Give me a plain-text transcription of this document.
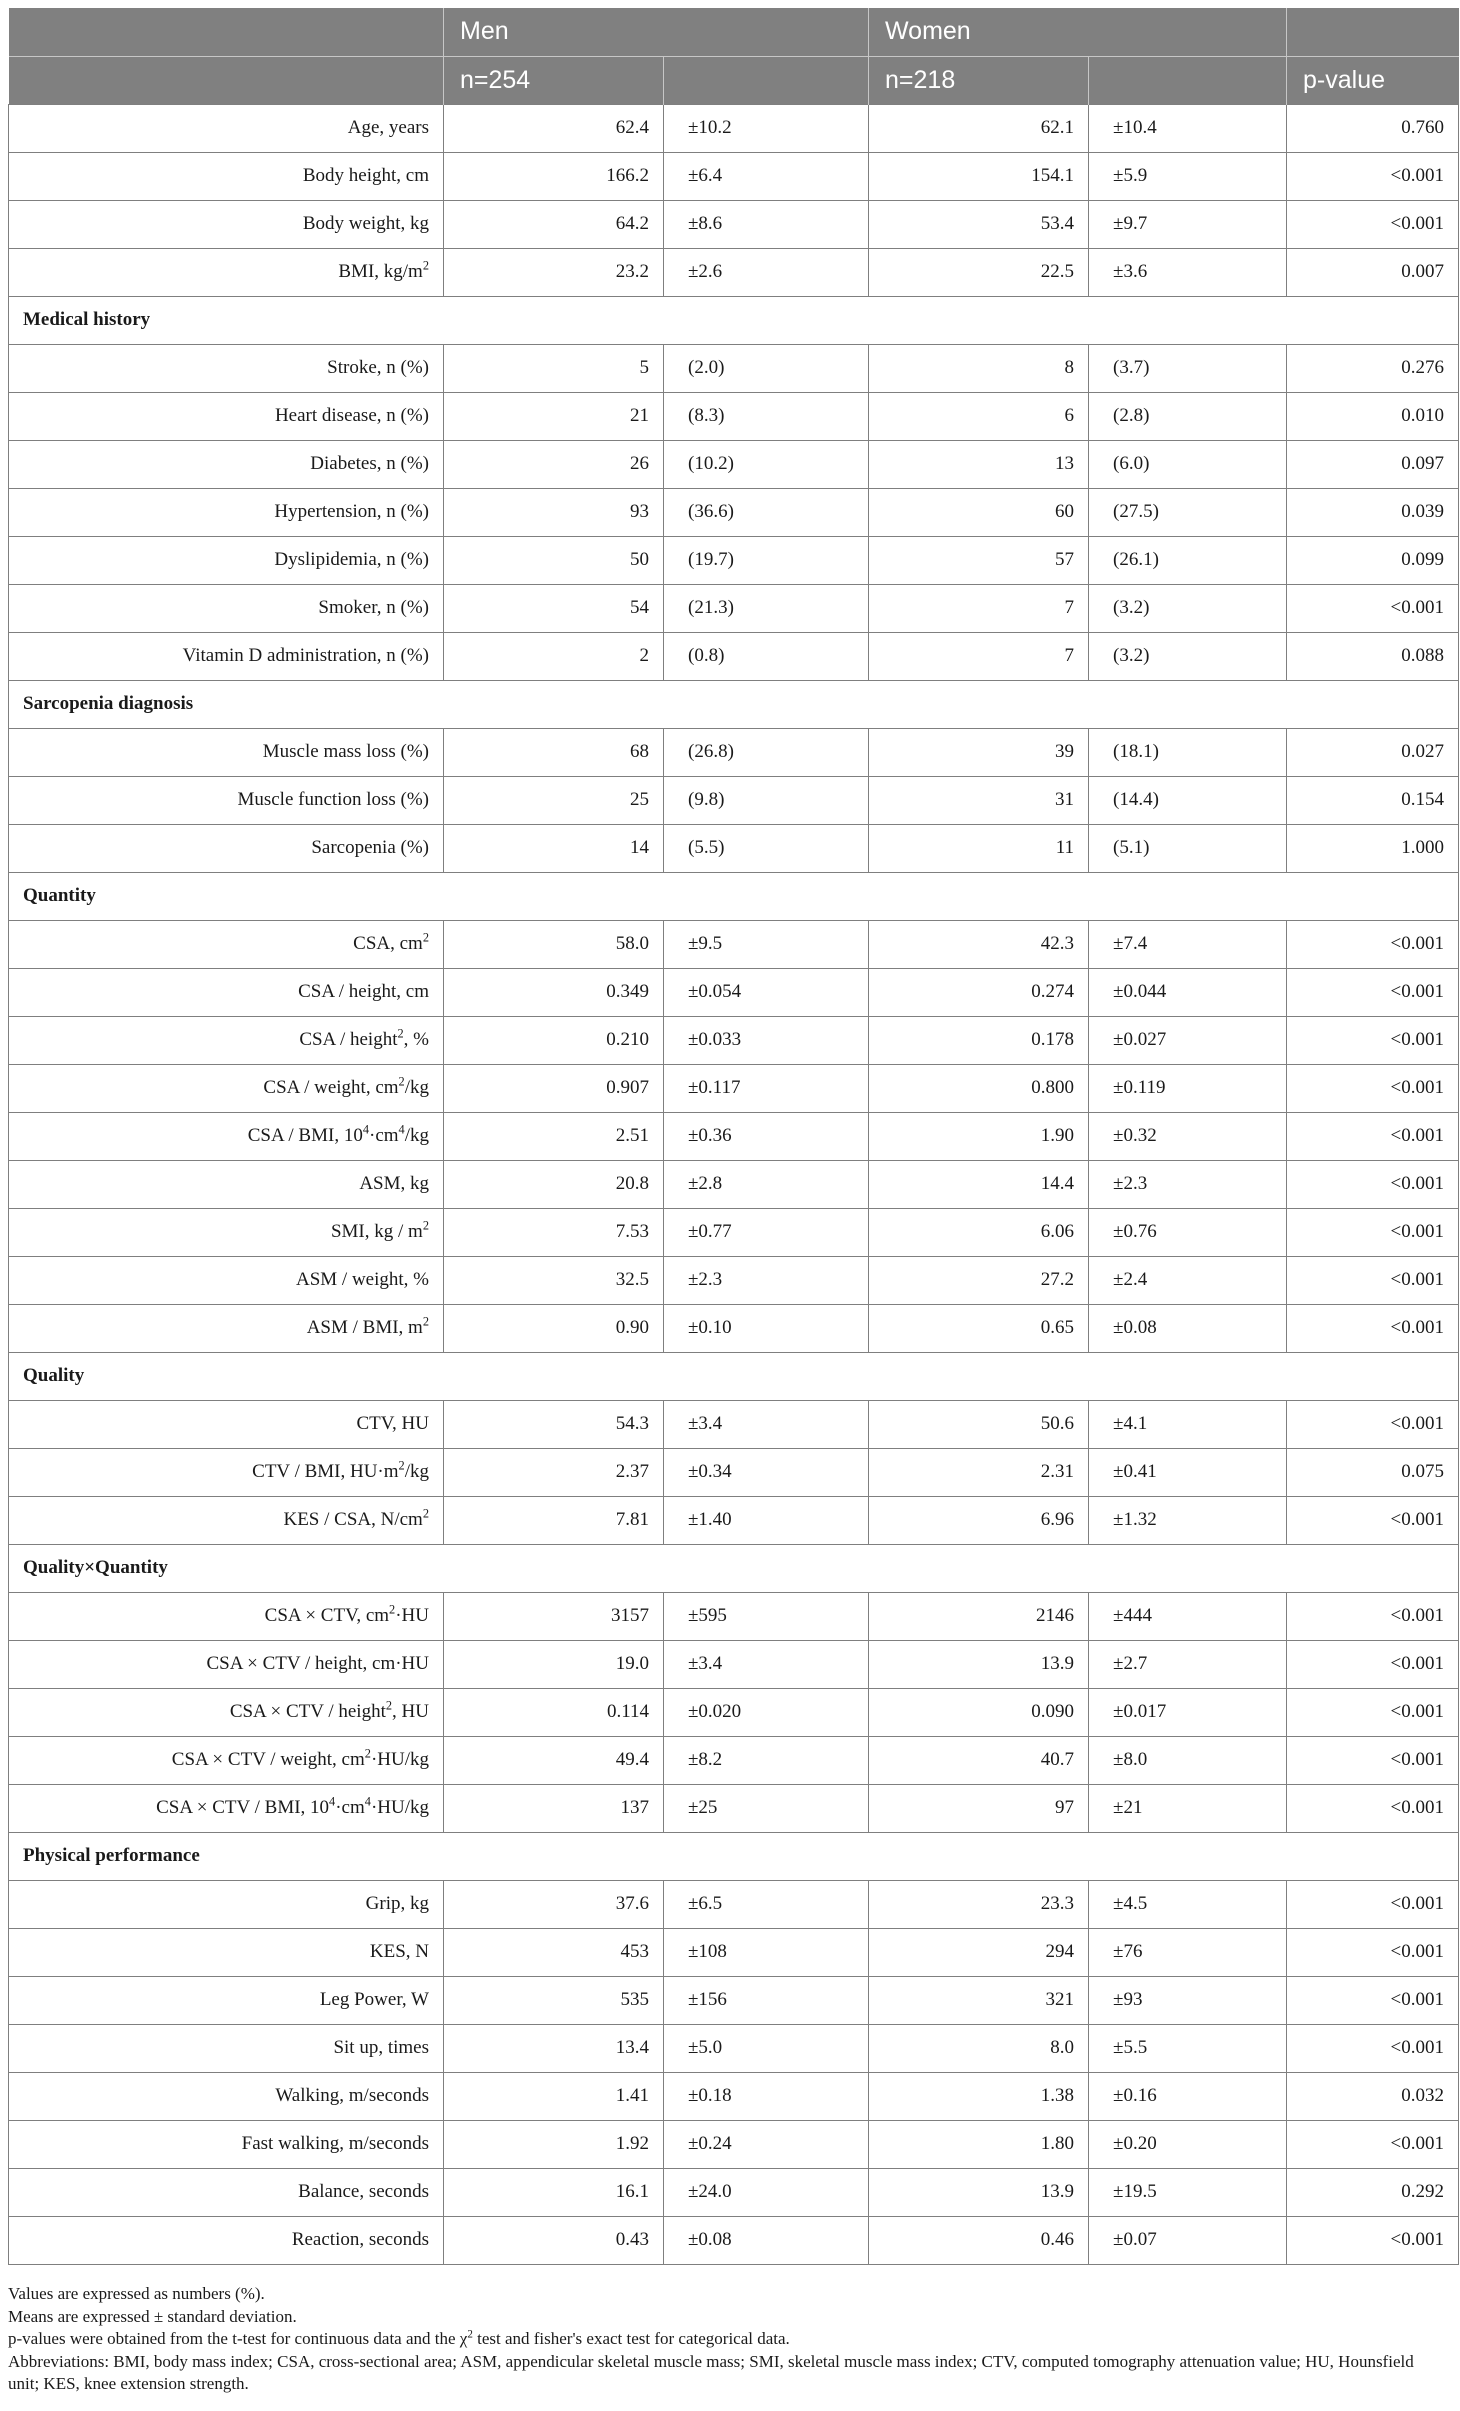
	Men		Women		
	n=254		n=218		p-value
Age, years	62.4	±10.2	62.1	±10.4	0.760
Body height, cm	166.2	±6.4	154.1	±5.9	<0.001
Body weight, kg	64.2	±8.6	53.4	±9.7	<0.001
BMI, $kg/m^2$	23.2	±2.6	22.5	±3.6	0.007
Medical history					
Stroke, n (%)	5	(2.0)	8	(3.7)	0.276
Heart disease, n (%)	21	(8.3)	6	(2.8)	0.010
Diabetes, n (%)	26	(10.2)	13	(6.0)	0.097
Hypertension, n (%)	93	(36.6)	60	(27.5)	0.039
Dyslipidemia, n (%)	50	(19.7)	57	(26.1)	0.099
Smoker, n (%)	54	(21.3)	7	(3.2)	<0.001
Vitamin D administration, n (%)	2	(0.8)	7	(3.2)	0.088
Sarcopenia diagnosis					
Muscle mass loss (%)	68	(26.8)	39	(18.1)	0.027
Muscle function loss (%)	25	(9.8)	31	(14.4)	0.154
Sarcopenia (%)	14	(5.5)	11	(5.1)	1.000
Quantity					
CSA, $cm^2$	58.0	±9.5	42.3	±7.4	<0.001
CSA / height, cm	0.349	±0.054	0.274	±0.044	<0.001
CSA / height$^2$, %	0.210	±0.033	0.178	±0.027	<0.001
CSA / weight, $cm^2/kg$	0.907	±0.117	0.800	±0.119	<0.001
CSA / BMI, $10^4\cdot cm^4/kg$	2.51	±0.36	1.90	±0.32	<0.001
ASM, kg	20.8	±2.8	14.4	±2.3	<0.001
SMI, kg / $m^2$	7.53	±0.77	6.06	±0.76	<0.001
ASM / weight, %	32.5	±2.3	27.2	±2.4	<0.001
ASM / BMI, $m^2$	0.90	±0.10	0.65	±0.08	<0.001
Quality					
CTV, HU	54.3	±3.4	50.6	±4.1	<0.001
CTV / BMI, $HU\cdot m^2/kg$	2.37	±0.34	2.31	±0.41	0.075
KES / CSA, $N/cm^2$	7.81	±1.40	6.96	±1.32	<0.001
Quality×Quantity					
CSA × CTV, $cm^2\cdot HU$	3157	±595	2146	±444	<0.001
CSA × CTV / height, cm·HU	19.0	±3.4	13.9	±2.7	<0.001
CSA × CTV / height$^2$, HU	0.114	±0.020	0.090	±0.017	<0.001
CSA × CTV / weight, $cm^2\cdot HU/kg$	49.4	±8.2	40.7	±8.0	<0.001
CSA × CTV / BMI, $10^4\cdot cm^4\cdot HU/kg$	137	±25	97	±21	<0.001
Physical performance					
Grip, kg	37.6	±6.5	23.3	±4.5	<0.001
KES, N	453	±108	294	±76	<0.001
Leg Power, W	535	±156	321	±93	<0.001
Sit up, times	13.4	±5.0	8.0	±5.5	<0.001
Walking, m/seconds	1.41	±0.18	1.38	±0.16	0.032
Fast walking, m/seconds	1.92	±0.24	1.80	±0.20	<0.001
Balance, seconds	16.1	±24.0	13.9	±19.5	0.292
Reaction, seconds	0.43	±0.08	0.46	±0.07	<0.001
Values are expressed as numbers (%).
Means are expressed ± standard deviation.
p-values were obtained from the t-test for continuous data and the $\chi^2$ test and fisher's exact test for categorical data.
Abbreviations: BMI, body mass index; CSA, cross-sectional area; ASM, appendicular skeletal muscle mass; SMI, skeletal muscle mass index; CTV, computed tomography attenuation value; HU, Hounsfield unit; KES, knee extension strength.
